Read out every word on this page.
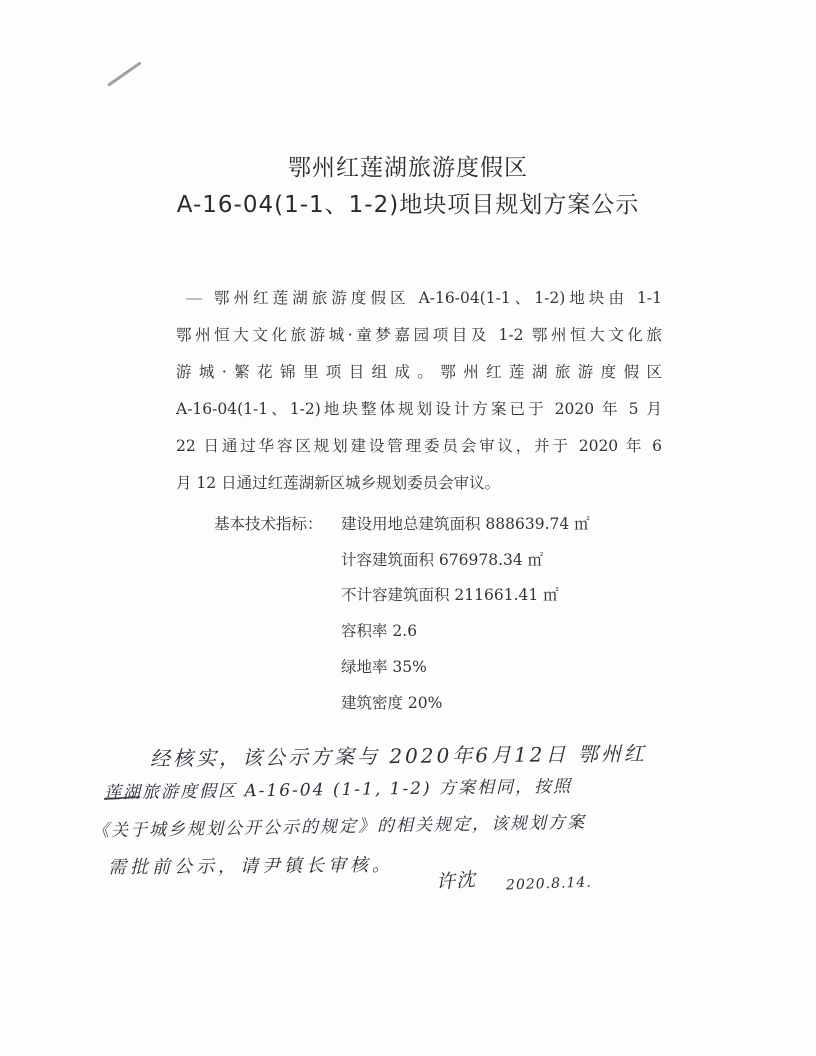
鄂州红莲湖旅游度假区
A-16-04(1-1、1-2)地块项目规划方案公示
鄂州红莲湖旅游度假区 A-16-04(1-1、1-2)地块由 1-1
鄂州恒大文化旅游城·童梦嘉园项目及 1-2 鄂州恒大文化旅
游城·繁花锦里项目组成。鄂州红莲湖旅游度假区
A-16-04(1-1、1-2)地块整体规划设计方案已于 2020 年 5 月
22 日通过华容区规划建设管理委员会审议，并于 2020 年 6
月 12 日通过红莲湖新区城乡规划委员会审议。
基本技术指标： 建设用地总建筑面积 888639.74 ㎡
计容建筑面积 676978.34 ㎡
不计容建筑面积 211661.41 ㎡
容积率 2.6
绿地率 35%
建筑密度 20%
经核实，该公示方案与 2020年6月12日 鄂州红
莲湖旅游度假区 A-16-04 (1-1, 1-2) 方案相同，按照
《关于城乡规划公开公示的规定》的相关规定，该规划方案
需批前公示，请尹镇长审核。
许沈 2020.8.14.
